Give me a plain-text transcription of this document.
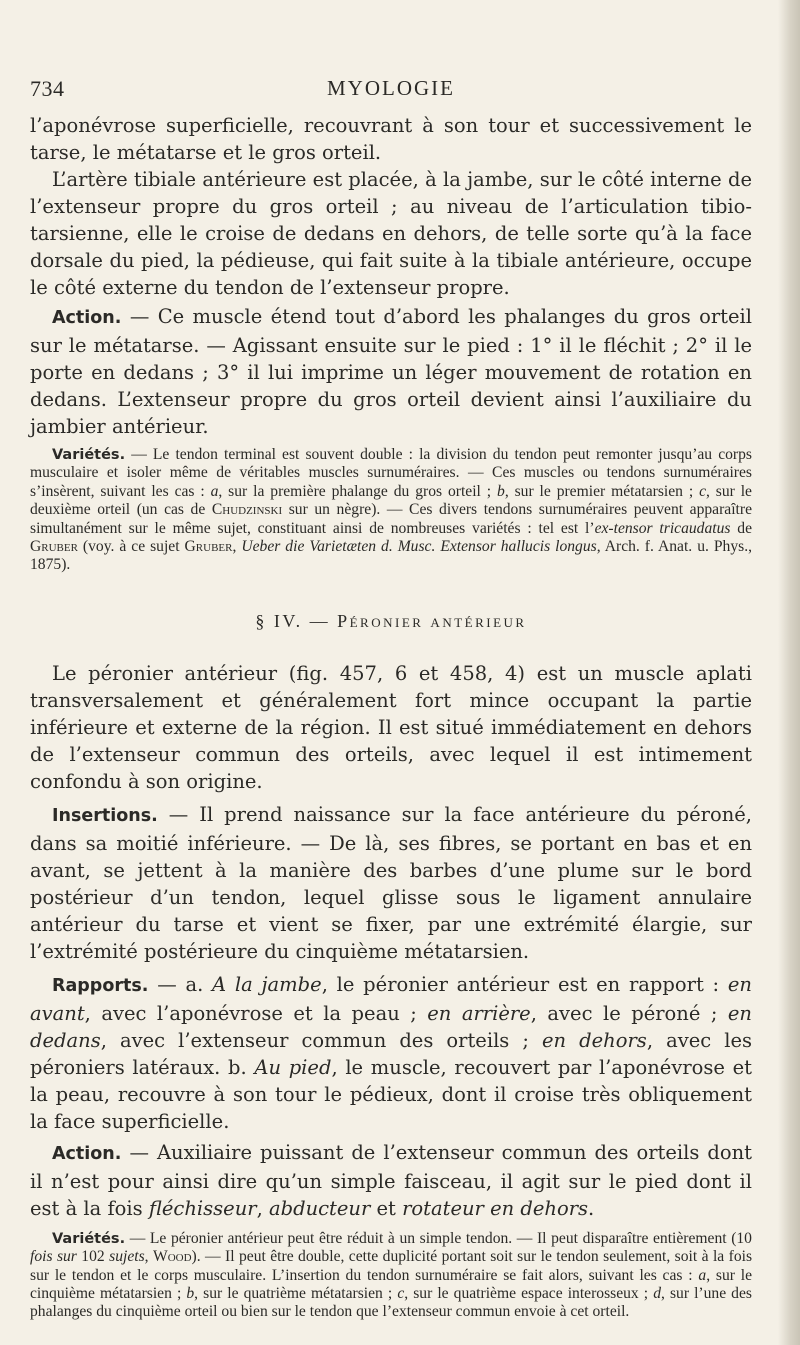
734	MYOLOGIE

l’aponévrose superficielle, recouvrant à son tour et successivement le tarse, le métatarse et le gros orteil.

L’artère tibiale antérieure est placée, à la jambe, sur le côté interne de l’extenseur propre du gros orteil ; au niveau de l’articulation tibio-tarsienne, elle le croise de dedans en dehors, de telle sorte qu’à la face dorsale du pied, la pédieuse, qui fait suite à la tibiale antérieure, occupe le côté externe du tendon de l’extenseur propre.

Action. — Ce muscle étend tout d’abord les phalanges du gros orteil sur le métatarse. — Agissant ensuite sur le pied : 1° il le fléchit ; 2° il le porte en dedans ; 3° il lui imprime un léger mouvement de rotation en dedans. L’extenseur propre du gros orteil devient ainsi l’auxiliaire du jambier antérieur.

Variétés. — Le tendon terminal est souvent double : la division du tendon peut remonter jusqu’au corps musculaire et isoler même de véritables muscles surnuméraires. — Ces muscles ou tendons surnuméraires s’insèrent, suivant les cas : a, sur la première phalange du gros orteil ; b, sur le premier métatarsien ; c, sur le deuxième orteil (un cas de Chudzinski sur un nègre). — Ces divers tendons surnuméraires peuvent apparaître simultanément sur le même sujet, constituant ainsi de nombreuses variétés : tel est l’ex-tensor tricaudatus de Gruber (voy. à ce sujet Gruber, Ueber die Varietæten d. Musc. Extensor hallucis longus, Arch. f. Anat. u. Phys., 1875).

§ IV. — Péronier antérieur

Le péronier antérieur (fig. 457, 6 et 458, 4) est un muscle aplati transversalement et généralement fort mince occupant la partie inférieure et externe de la région. Il est situé immédiatement en dehors de l’extenseur commun des orteils, avec lequel il est intimement confondu à son origine.

Insertions. — Il prend naissance sur la face antérieure du péroné, dans sa moitié inférieure. — De là, ses fibres, se portant en bas et en avant, se jettent à la manière des barbes d’une plume sur le bord postérieur d’un tendon, lequel glisse sous le ligament annulaire antérieur du tarse et vient se fixer, par une extrémité élargie, sur l’extrémité postérieure du cinquième métatarsien.

Rapports. — a. A la jambe, le péronier antérieur est en rapport : en avant, avec l’aponévrose et la peau ; en arrière, avec le péroné ; en dedans, avec l’extenseur commun des orteils ; en dehors, avec les péroniers latéraux. b. Au pied, le muscle, recouvert par l’aponévrose et la peau, recouvre à son tour le pédieux, dont il croise très obliquement la face superficielle.

Action. — Auxiliaire puissant de l’extenseur commun des orteils dont il n’est pour ainsi dire qu’un simple faisceau, il agit sur le pied dont il est à la fois fléchisseur, abducteur et rotateur en dehors.

Variétés. — Le péronier antérieur peut être réduit à un simple tendon. — Il peut disparaître entièrement (10 fois sur 102 sujets, Wood). — Il peut être double, cette duplicité portant soit sur le tendon seulement, soit à la fois sur le tendon et le corps musculaire. L’insertion du tendon surnuméraire se fait alors, suivant les cas : a, sur le cinquième métatarsien ; b, sur le quatrième métatarsien ; c, sur le quatrième espace interosseux ; d, sur l’une des phalanges du cinquième orteil ou bien sur le tendon que l’extenseur commun envoie à cet orteil.
